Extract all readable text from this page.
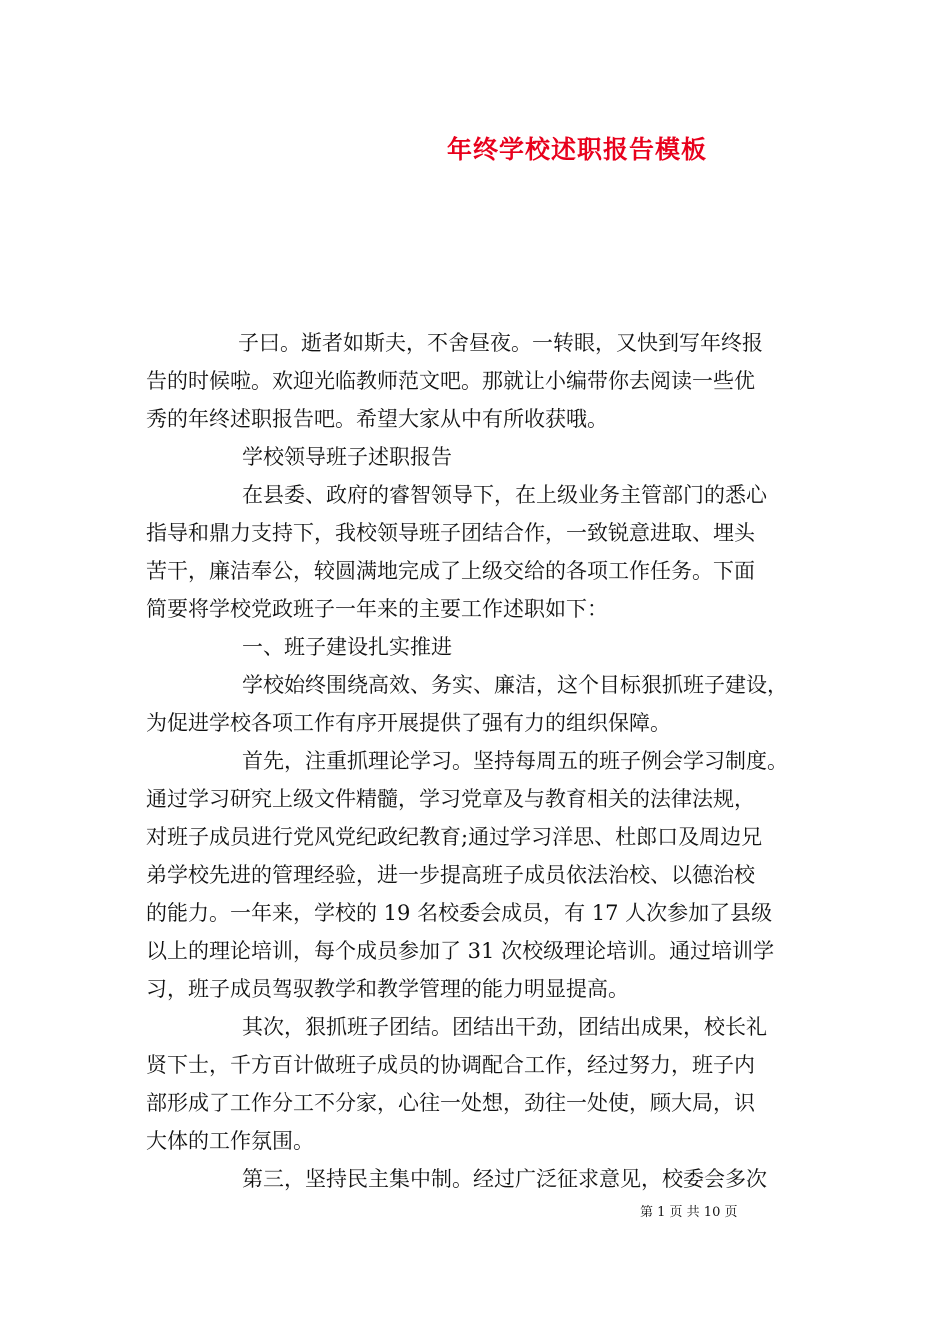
年终学校述职报告模板
子曰。逝者如斯夫，不舍昼夜。一转眼，又快到写年终报
告的时候啦。欢迎光临教师范文吧。那就让小编带你去阅读一些优
秀的年终述职报告吧。希望大家从中有所收获哦。
学校领导班子述职报告
在县委、政府的睿智领导下，在上级业务主管部门的悉心
指导和鼎力支持下，我校领导班子团结合作，一致锐意进取、埋头
苦干，廉洁奉公，较圆满地完成了上级交给的各项工作任务。下面
简要将学校党政班子一年来的主要工作述职如下：
一、班子建设扎实推进
学校始终围绕高效、务实、廉洁，这个目标狠抓班子建设，
为促进学校各项工作有序开展提供了强有力的组织保障。
首先，注重抓理论学习。坚持每周五的班子例会学习制度。
通过学习研究上级文件精髓，学习党章及与教育相关的法律法规，
对班子成员进行党风党纪政纪教育;通过学习洋思、杜郎口及周边兄
弟学校先进的管理经验，进一步提高班子成员依法治校、以德治校
的能力。一年来，学校的 19 名校委会成员，有 17 人次参加了县级
以上的理论培训，每个成员参加了 31 次校级理论培训。通过培训学
习，班子成员驾驭教学和教学管理的能力明显提高。
其次，狠抓班子团结。团结出干劲，团结出成果，校长礼
贤下士，千方百计做班子成员的协调配合工作，经过努力，班子内
部形成了工作分工不分家，心往一处想，劲往一处使，顾大局，识
大体的工作氛围。
第三，坚持民主集中制。经过广泛征求意见，校委会多次
第 1 页 共 10 页
